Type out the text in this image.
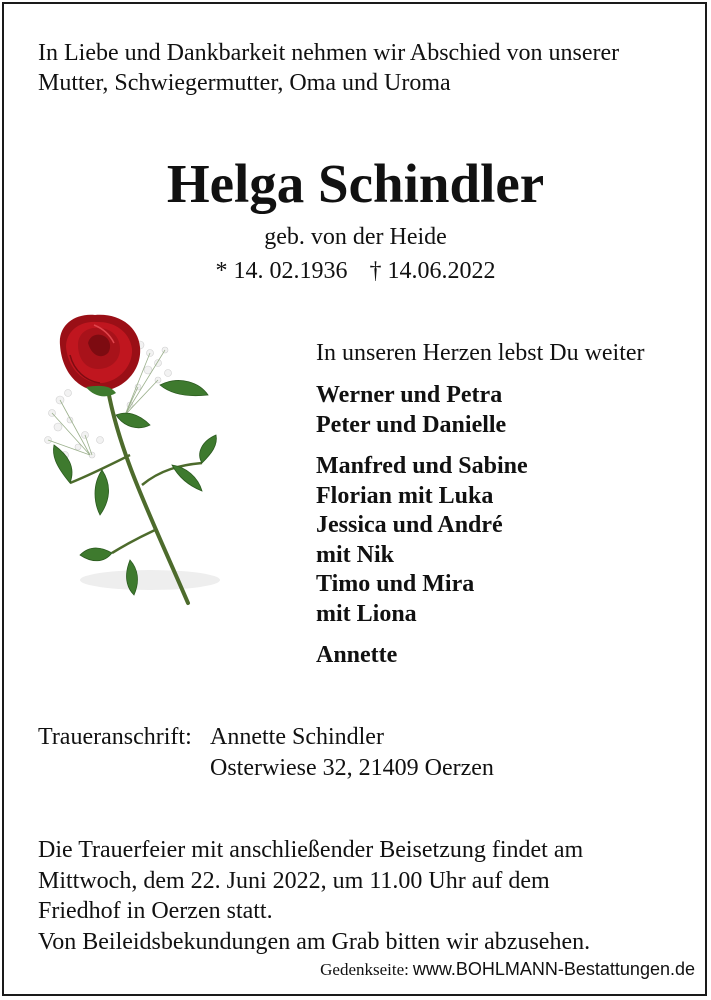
In Liebe und Dankbarkeit nehmen wir Abschied von unserer
Mutter, Schwiegermutter, Oma und Uroma
Helga Schindler
geb. von der Heide
* 14. 02.1936 † 14.06.2022
In unseren Herzen lebst Du weiter
Werner und Petra
Peter und Danielle
Manfred und Sabine
Florian mit Luka
Jessica und André
mit Nik
Timo und Mira
mit Liona
Annette
Traueranschrift: Annette Schindler
Osterwiese 32, 21409 Oerzen
Die Trauerfeier mit anschließender Beisetzung findet am
Mittwoch, dem 22. Juni 2022, um 11.00 Uhr auf dem
Friedhof in Oerzen statt.
Von Beileidsbekundungen am Grab bitten wir abzusehen.
Gedenkseite: www.BOHLMANN-Bestattungen.de
